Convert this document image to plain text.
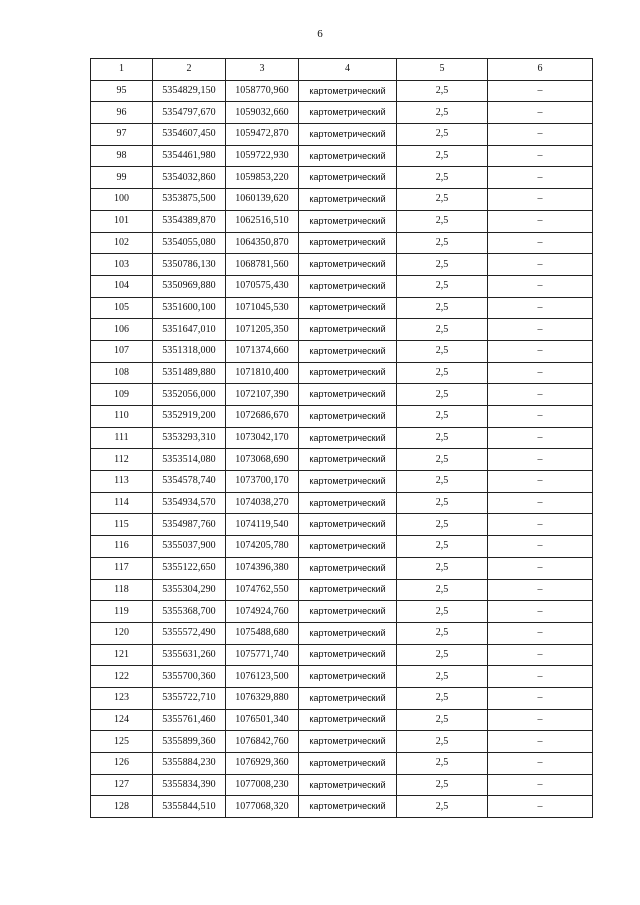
6
1	2	3	4	5	6
95	5354829,150	1058770,960	картометрический	2,5	–
96	5354797,670	1059032,660	картометрический	2,5	–
97	5354607,450	1059472,870	картометрический	2,5	–
98	5354461,980	1059722,930	картометрический	2,5	–
99	5354032,860	1059853,220	картометрический	2,5	–
100	5353875,500	1060139,620	картометрический	2,5	–
101	5354389,870	1062516,510	картометрический	2,5	–
102	5354055,080	1064350,870	картометрический	2,5	–
103	5350786,130	1068781,560	картометрический	2,5	–
104	5350969,880	1070575,430	картометрический	2,5	–
105	5351600,100	1071045,530	картометрический	2,5	–
106	5351647,010	1071205,350	картометрический	2,5	–
107	5351318,000	1071374,660	картометрический	2,5	–
108	5351489,880	1071810,400	картометрический	2,5	–
109	5352056,000	1072107,390	картометрический	2,5	–
110	5352919,200	1072686,670	картометрический	2,5	–
111	5353293,310	1073042,170	картометрический	2,5	–
112	5353514,080	1073068,690	картометрический	2,5	–
113	5354578,740	1073700,170	картометрический	2,5	–
114	5354934,570	1074038,270	картометрический	2,5	–
115	5354987,760	1074119,540	картометрический	2,5	–
116	5355037,900	1074205,780	картометрический	2,5	–
117	5355122,650	1074396,380	картометрический	2,5	–
118	5355304,290	1074762,550	картометрический	2,5	–
119	5355368,700	1074924,760	картометрический	2,5	–
120	5355572,490	1075488,680	картометрический	2,5	–
121	5355631,260	1075771,740	картометрический	2,5	–
122	5355700,360	1076123,500	картометрический	2,5	–
123	5355722,710	1076329,880	картометрический	2,5	–
124	5355761,460	1076501,340	картометрический	2,5	–
125	5355899,360	1076842,760	картометрический	2,5	–
126	5355884,230	1076929,360	картометрический	2,5	–
127	5355834,390	1077008,230	картометрический	2,5	–
128	5355844,510	1077068,320	картометрический	2,5	–
